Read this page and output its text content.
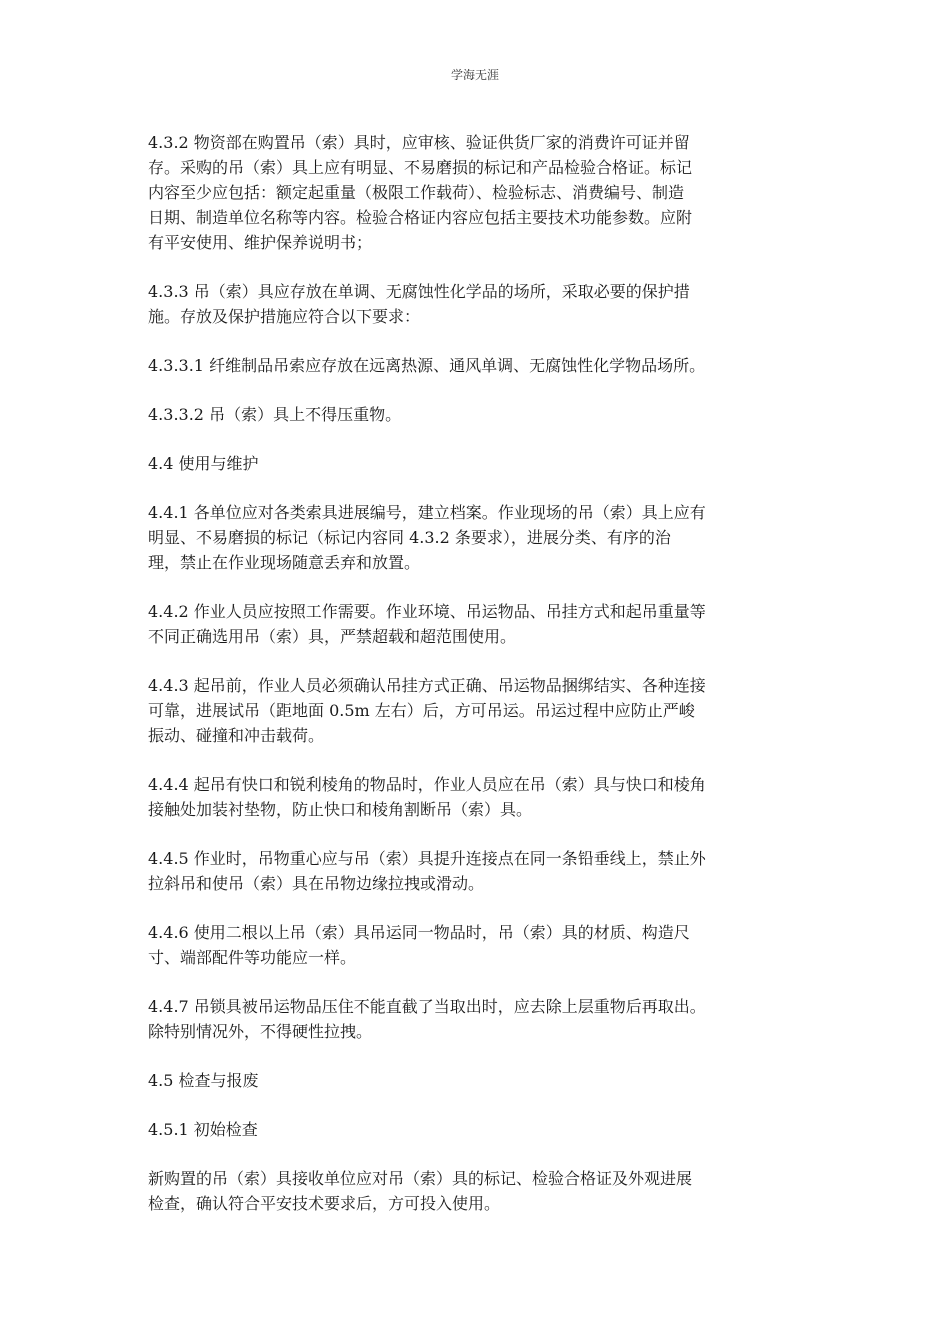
学海无涯
4.3.2 物资部在购置吊（索）具时，应审核、验证供货厂家的消费许可证并留
存。采购的吊（索）具上应有明显、不易磨损的标记和产品检验合格证。标记
内容至少应包括：额定起重量（极限工作载荷）、检验标志、消费编号、制造
日期、制造单位名称等内容。检验合格证内容应包括主要技术功能参数。应附
有平安使用、维护保养说明书；
4.3.3 吊（索）具应存放在单调、无腐蚀性化学品的场所，采取必要的保护措
施。存放及保护措施应符合以下要求：
4.3.3.1 纤维制品吊索应存放在远离热源、通风单调、无腐蚀性化学物品场所。
4.3.3.2 吊（索）具上不得压重物。
4.4 使用与维护
4.4.1 各单位应对各类索具进展编号，建立档案。作业现场的吊（索）具上应有
明显、不易磨损的标记（标记内容同 4.3.2 条要求），进展分类、有序的治
理，禁止在作业现场随意丢弃和放置。
4.4.2 作业人员应按照工作需要。作业环境、吊运物品、吊挂方式和起吊重量等
不同正确选用吊（索）具，严禁超载和超范围使用。
4.4.3 起吊前，作业人员必须确认吊挂方式正确、吊运物品捆绑结实、各种连接
可靠，进展试吊（距地面 0.5m 左右）后，方可吊运。吊运过程中应防止严峻
振动、碰撞和冲击载荷。
4.4.4 起吊有快口和锐利棱角的物品时，作业人员应在吊（索）具与快口和棱角
接触处加装衬垫物，防止快口和棱角割断吊（索）具。
4.4.5 作业时，吊物重心应与吊（索）具提升连接点在同一条铅垂线上，禁止外
拉斜吊和使吊（索）具在吊物边缘拉拽或滑动。
4.4.6 使用二根以上吊（索）具吊运同一物品时，吊（索）具的材质、构造尺
寸、端部配件等功能应一样。
4.4.7 吊锁具被吊运物品压住不能直截了当取出时，应去除上层重物后再取出。
除特别情况外，不得硬性拉拽。
4.5 检查与报废
4.5.1 初始检查
新购置的吊（索）具接收单位应对吊（索）具的标记、检验合格证及外观进展
检查，确认符合平安技术要求后，方可投入使用。
